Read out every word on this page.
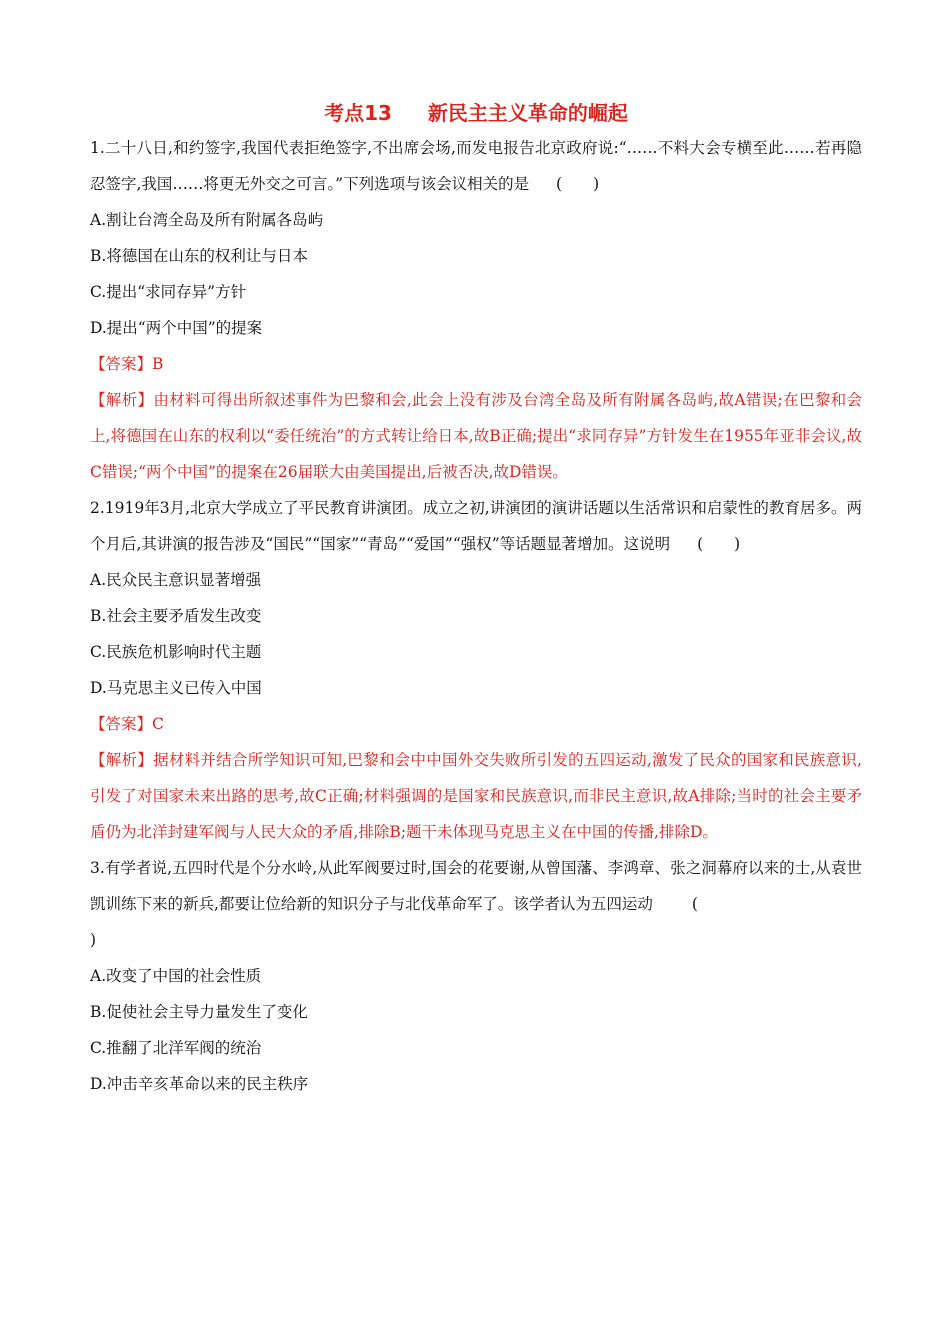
考点13 新民主主义革命的崛起
1.二十八日,和约签字,我国代表拒绝签字,不出席会场,而发电报告北京政府说:“……不料大会专横至此……若再隐忍签字,我国……将更无外交之可言。”下列选项与该会议相关的是 (　　)
A.割让台湾全岛及所有附属各岛屿
B.将德国在山东的权利让与日本
C.提出“求同存异”方针
D.提出“两个中国”的提案
【答案】B
【解析】由材料可得出所叙述事件为巴黎和会,此会上没有涉及台湾全岛及所有附属各岛屿,故A错误;在巴黎和会上,将德国在山东的权利以“委任统治”的方式转让给日本,故B正确;提出“求同存异”方针发生在1955年亚非会议,故C错误;“两个中国”的提案在26届联大由美国提出,后被否决,故D错误。
2.1919年3月,北京大学成立了平民教育讲演团。成立之初,讲演团的演讲话题以生活常识和启蒙性的教育居多。两个月后,其讲演的报告涉及“国民”“国家”“青岛”“爱国”“强权”等话题显著增加。这说明 (　　)
A.民众民主意识显著增强
B.社会主要矛盾发生改变
C.民族危机影响时代主题
D.马克思主义已传入中国
【答案】C
【解析】据材料并结合所学知识可知,巴黎和会中中国外交失败所引发的五四运动,激发了民众的国家和民族意识,引发了对国家未来出路的思考,故C正确;材料强调的是国家和民族意识,而非民主意识,故A排除;当时的社会主要矛盾仍为北洋封建军阀与人民大众的矛盾,排除B;题干未体现马克思主义在中国的传播,排除D。
3.有学者说,五四时代是个分水岭,从此军阀要过时,国会的花要谢,从曾国藩、李鸿章、张之洞幕府以来的士,从袁世凯训练下来的新兵,都要让位给新的知识分子与北伐革命军了。该学者认为五四运动	(
)
A.改变了中国的社会性质
B.促使社会主导力量发生了变化
C.推翻了北洋军阀的统治
D.冲击辛亥革命以来的民主秩序
